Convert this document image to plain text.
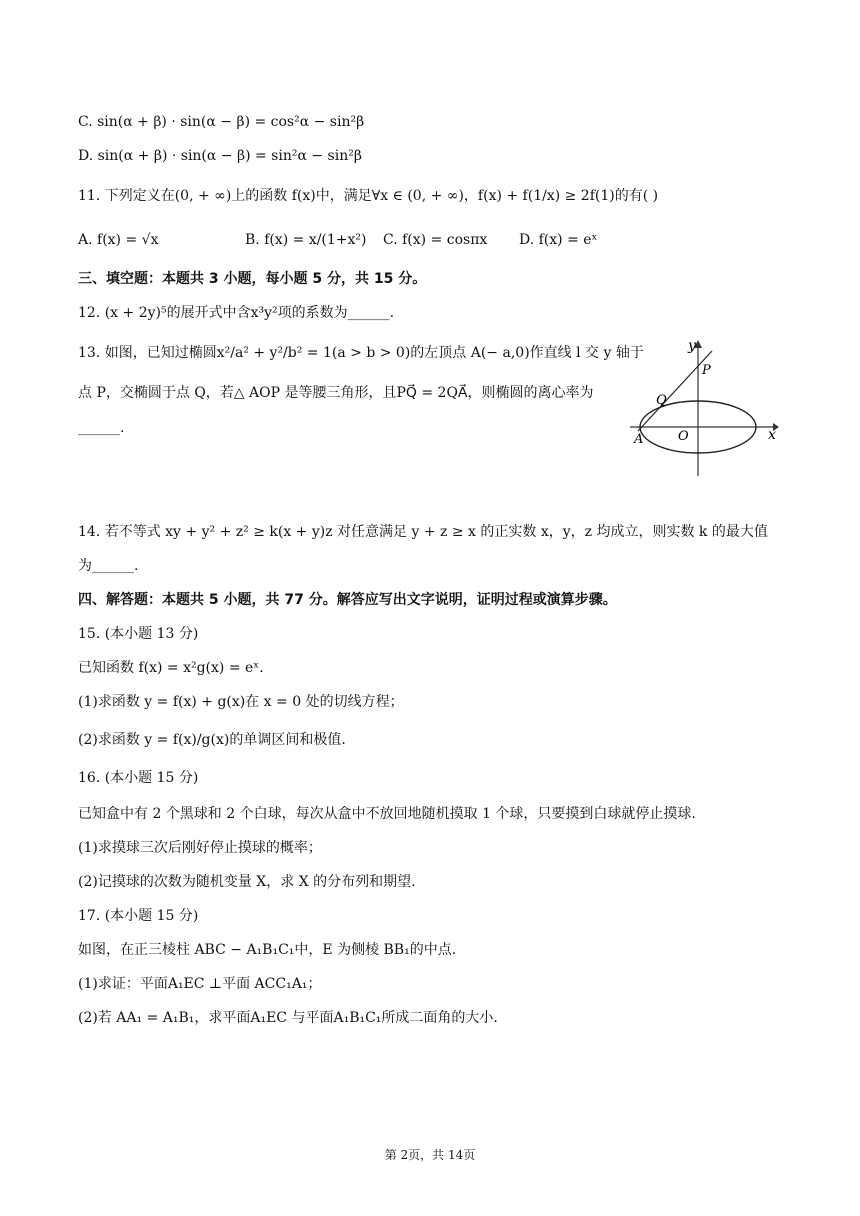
C. sin(α + β) · sin(α − β) = cos²α − sin²β
D. sin(α + β) · sin(α − β) = sin²α − sin²β
11. 下列定义在(0, + ∞)上的函数 f(x)中，满足∀x ∈ (0, + ∞)，f(x) + f(1/x) ≥ 2f(1)的有( )
A. f(x) = √x	B. f(x) = x/(1+x²) C. f(x) = cosπx D. f(x) = eˣ
三、填空题：本题共 3 小题，每小题 5 分，共 15 分。
12. (x + 2y)⁵的展开式中含x³y²项的系数为______.
13. 如图，已知过椭圆x²/a² + y²/b² = 1(a > b > 0)的左顶点 A(− a,0)作直线 l 交 y 轴于
点 P，交椭圆于点 Q，若△ AOP 是等腰三角形，且PQ⃗ = 2QA⃗，则椭圆的离心率为
______.
y
x
P
Q
A	O
14. 若不等式 xy + y² + z² ≥ k(x + y)z 对任意满足 y + z ≥ x 的正实数 x，y，z 均成立，则实数 k 的最大值
为______.
四、解答题：本题共 5 小题，共 77 分。解答应写出文字说明，证明过程或演算步骤。
15. (本小题 13 分)
已知函数 f(x) = x²g(x) = eˣ.
(1)求函数 y = f(x) + g(x)在 x = 0 处的切线方程；
(2)求函数 y = f(x)/g(x)的单调区间和极值.
16. (本小题 15 分)
已知盒中有 2 个黑球和 2 个白球，每次从盒中不放回地随机摸取 1 个球，只要摸到白球就停止摸球.
(1)求摸球三次后刚好停止摸球的概率；
(2)记摸球的次数为随机变量 X，求 X 的分布列和期望.
17. (本小题 15 分)
如图，在正三棱柱 ABC − A₁B₁C₁中，E 为侧棱 BB₁的中点.
(1)求证：平面A₁EC ⊥平面 ACC₁A₁；
(2)若 AA₁ = A₁B₁，求平面A₁EC 与平面A₁B₁C₁所成二面角的大小.
第 2页，共 14页
